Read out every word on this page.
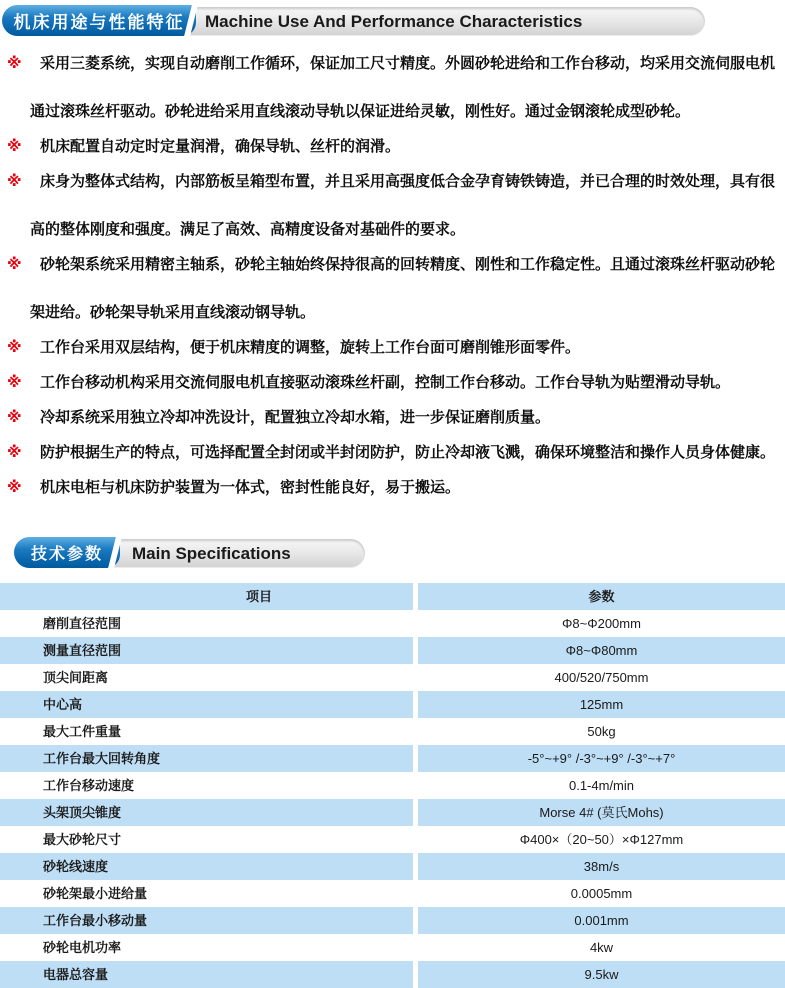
Machine Use And Performance Characteristics
机床用途与性能特征

※ 采用三菱系统，实现自动磨削工作循环，保证加工尺寸精度。外圆砂轮进给和工作台移动，均采用交流伺服电机通过滚珠丝杆驱动。砂轮进给采用直线滚动导轨以保证进给灵敏，刚性好。通过金钢滚轮成型砂轮。

※ 机床配置自动定时定量润滑，确保导轨、丝杆的润滑。

※ 床身为整体式结构，内部筋板呈箱型布置，并且采用高强度低合金孕育铸铁铸造，并已合理的时效处理，具有很高的整体刚度和强度。满足了高效、高精度设备对基础件的要求。

※ 砂轮架系统采用精密主轴系，砂轮主轴始终保持很高的回转精度、刚性和工作稳定性。且通过滚珠丝杆驱动砂轮架进给。砂轮架导轨采用直线滚动钢导轨。

※ 工作台采用双层结构，便于机床精度的调整，旋转上工作台面可磨削锥形面零件。

※ 工作台移动机构采用交流伺服电机直接驱动滚珠丝杆副，控制工作台移动。工作台导轨为贴塑滑动导轨。

※ 冷却系统采用独立冷却冲洗设计，配置独立冷却水箱，进一步保证磨削质量。

※ 防护根据生产的特点，可选择配置全封闭或半封闭防护，防止冷却液飞溅，确保环境整洁和操作人员身体健康。

※ 机床电柜与机床防护装置为一体式，密封性能良好，易于搬运。

Main Specifications
技术参数
项目	参数
磨削直径范围	Φ8~Φ200mm
测量直径范围	Φ8~Φ80mm
顶尖间距离	400/520/750mm
中心高	125mm
最大工件重量	50kg
工作台最大回转角度	-5°~+9° /-3°~+9° /-3°~+7°
工作台移动速度	0.1-4m/min
头架顶尖锥度	Morse 4# (莫氏Mohs)
最大砂轮尺寸	Φ400×（20~50）×Φ127mm
砂轮线速度	38m/s
砂轮架最小进给量	0.0005mm
工作台最小移动量	0.001mm
砂轮电机功率	4kw
电器总容量	9.5kw
